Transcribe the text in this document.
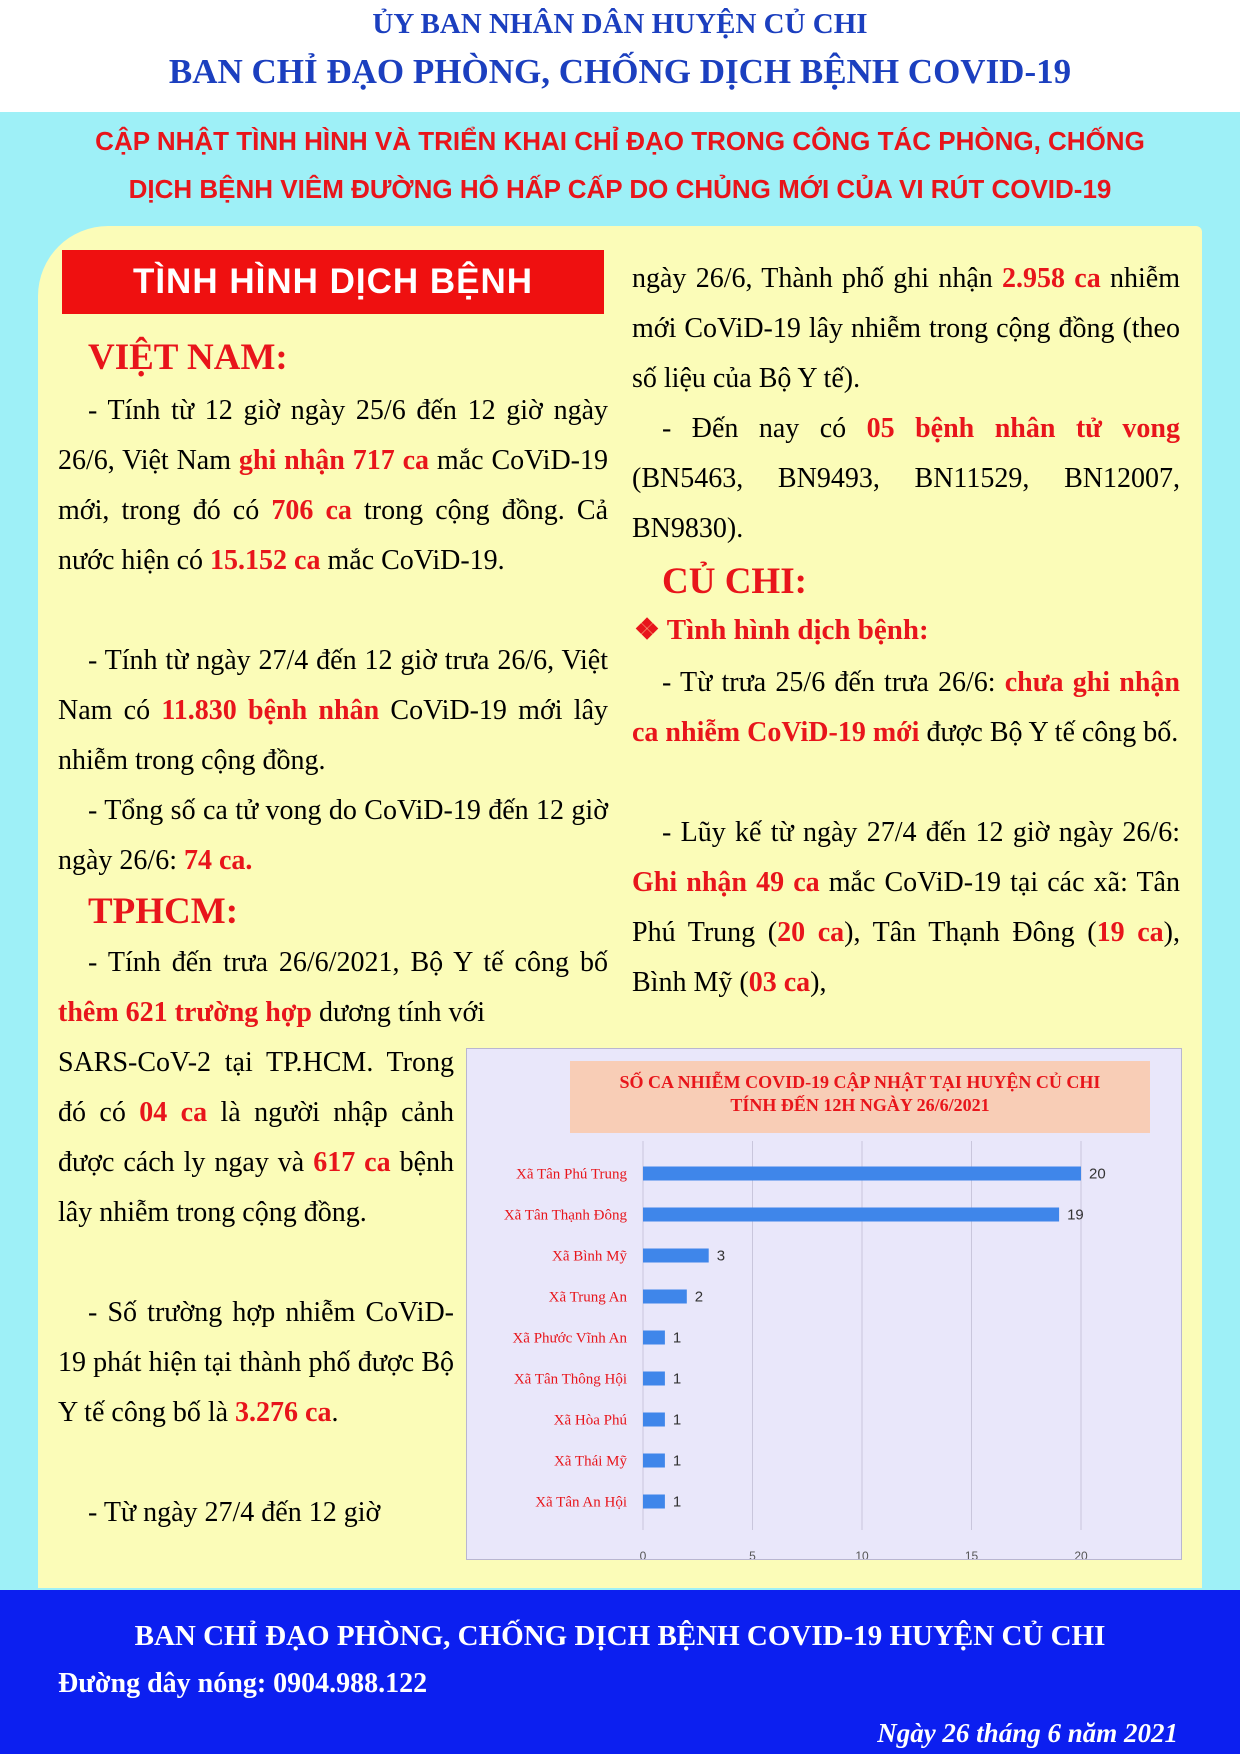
ỦY BAN NHÂN DÂN HUYỆN CỦ CHI
BAN CHỈ ĐẠO PHÒNG, CHỐNG DỊCH BỆNH COVID-19
CẬP NHẬT TÌNH HÌNH VÀ TRIỂN KHAI CHỈ ĐẠO TRONG CÔNG TÁC PHÒNG, CHỐNG
DỊCH BỆNH VIÊM ĐƯỜNG HÔ HẤP CẤP DO CHỦNG MỚI CỦA VI RÚT COVID-19
TÌNH HÌNH DỊCH BỆNH
VIỆT NAM:
- Tính từ 12 giờ ngày 25/6 đến 12 giờ ngày 26/6, Việt Nam ghi nhận 717 ca mắc CoViD-19 mới, trong đó có 706 ca trong cộng đồng. Cả nước hiện có 15.152 ca mắc CoViD-19.
- Tính từ ngày 27/4 đến 12 giờ trưa 26/6, Việt Nam có 11.830 bệnh nhân CoViD-19 mới lây nhiễm trong cộng đồng.
- Tổng số ca tử vong do CoViD-19 đến 12 giờ ngày 26/6: 74 ca.
TPHCM:
- Tính đến trưa 26/6/2021, Bộ Y tế công bố thêm 621 trường hợp dương tính với
SARS-CoV-2 tại TP.HCM. Trong đó có 04 ca là người nhập cảnh được cách ly ngay và 617 ca bệnh lây nhiễm trong cộng đồng.
- Số trường hợp nhiễm CoViD-19 phát hiện tại thành phố được Bộ Y tế công bố là 3.276 ca.
- Từ ngày 27/4 đến 12 giờ
ngày 26/6, Thành phố ghi nhận 2.958 ca nhiễm mới CoViD-19 lây nhiễm trong cộng đồng (theo số liệu của Bộ Y tế).
- Đến nay có 05 bệnh nhân tử vong (BN5463, BN9493, BN11529, BN12007, BN9830).
CỦ CHI:
❖ Tình hình dịch bệnh:
- Từ trưa 25/6 đến trưa 26/6: chưa ghi nhận ca nhiễm CoViD-19 mới được Bộ Y tế công bố.
- Lũy kế từ ngày 27/4 đến 12 giờ ngày 26/6: Ghi nhận 49 ca mắc CoViD-19 tại các xã: Tân Phú Trung (20 ca), Tân Thạnh Đông (19 ca), Bình Mỹ (03 ca),
SỐ CA NHIỄM COVID-19 CẬP NHẬT TẠI HUYỆN CỦ CHI
TÍNH ĐẾN 12H NGÀY 26/6/2021
Xã Tân Phú Trung	20
Xã Tân Thạnh Đông	19
Xã Bình Mỹ	3
Xã Trung An	2
Xã Phước Vĩnh An	1
Xã Tân Thông Hội	1
Xã Hòa Phú	1
Xã Thái Mỹ	1
Xã Tân An Hội	1
0	5	10	15	20
BAN CHỈ ĐẠO PHÒNG, CHỐNG DỊCH BỆNH COVID-19 HUYỆN CỦ CHI
Đường dây nóng: 0904.988.122
Ngày 26 tháng 6 năm 2021
